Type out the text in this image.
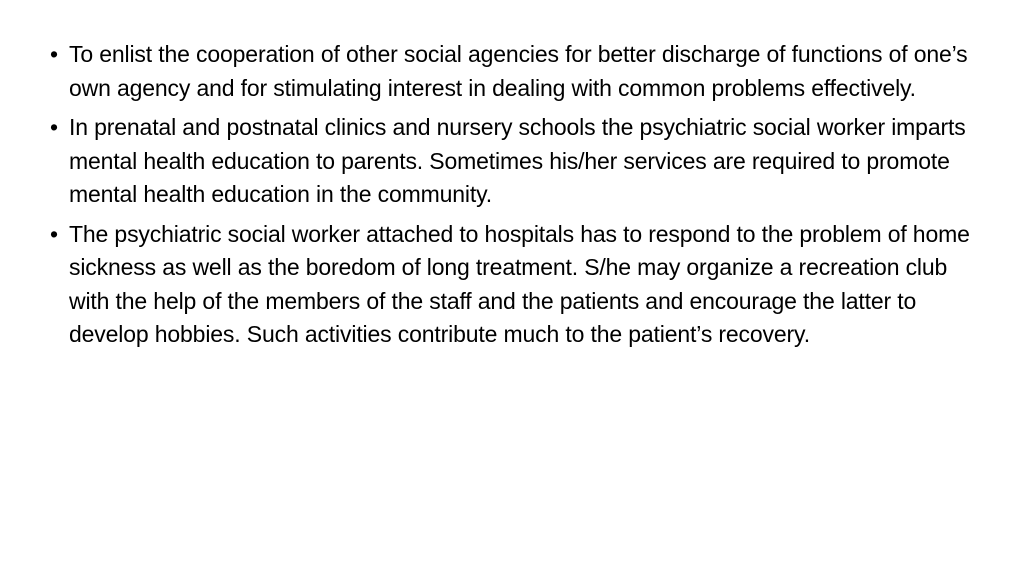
• To enlist the cooperation of other social agencies for better discharge of functions of one’s own agency and for stimulating interest in dealing with common problems effectively.
• In prenatal and postnatal clinics and nursery schools the psychiatric social worker imparts mental health education to parents. Sometimes his/her services are required to promote mental health education in the community.
• The psychiatric social worker attached to hospitals has to respond to the problem of home sickness as well as the boredom of long treatment. S/he may organize a recreation club with the help of the members of the staff and the patients and encourage the latter to develop hobbies. Such activities contribute much to the patient’s recovery.
